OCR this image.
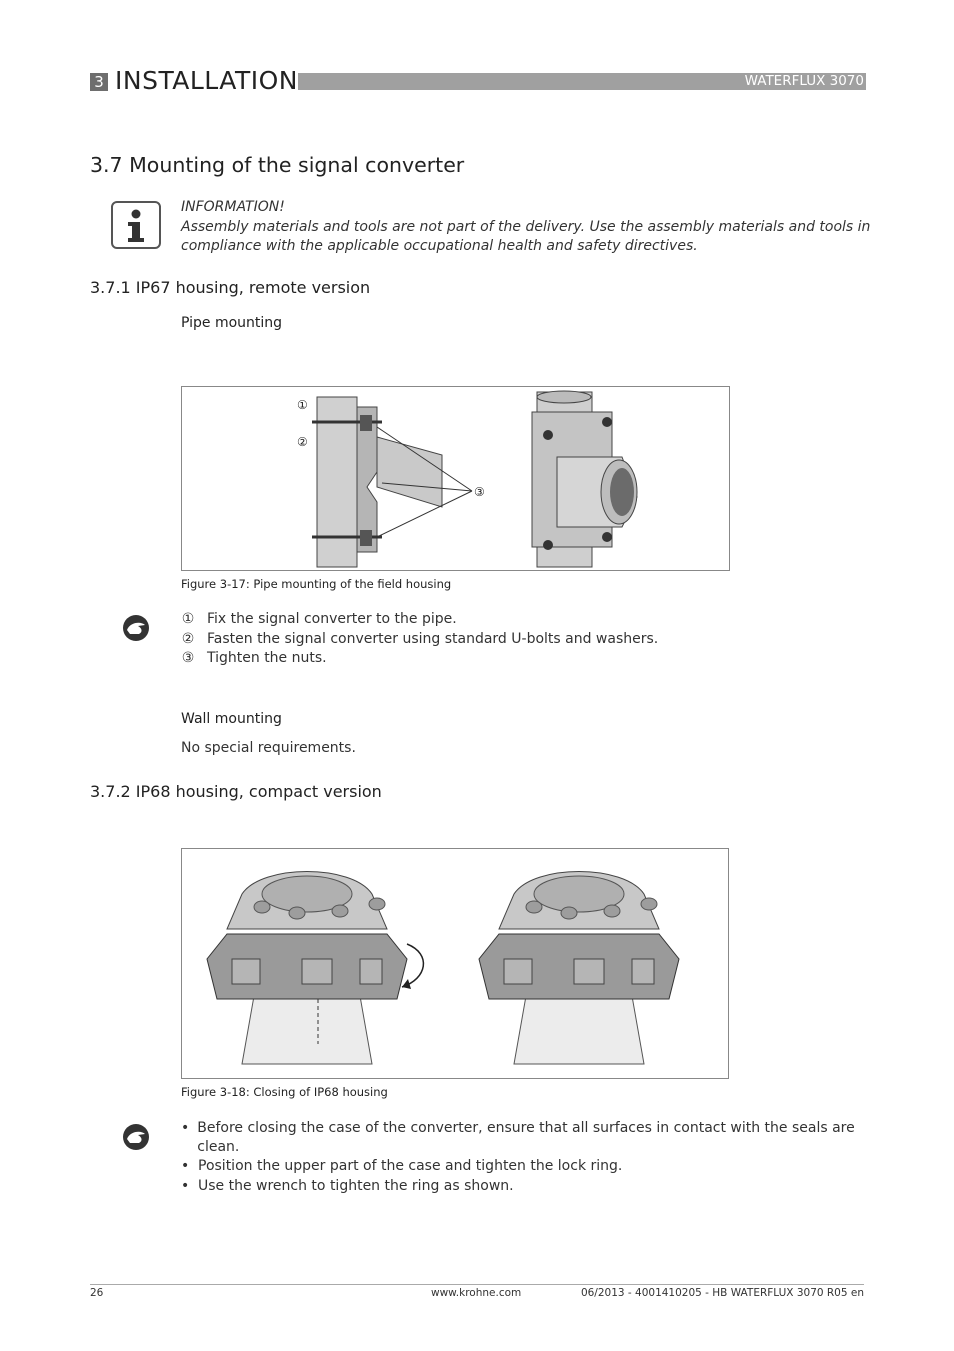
3 INSTALLATION	WATERFLUX 3070
3.7 Mounting of the signal converter
INFORMATION!
Assembly materials and tools are not part of the delivery. Use the assembly materials and tools in compliance with the applicable occupational health and safety directives.
3.7.1 IP67 housing, remote version
Pipe mounting
①
②
③
Figure 3-17: Pipe mounting of the field housing
① Fix the signal converter to the pipe.
② Fasten the signal converter using standard U-bolts and washers.
③ Tighten the nuts.
Wall mounting
No special requirements.
3.7.2 IP68 housing, compact version
Figure 3-18: Closing of IP68 housing
• Before closing the case of the converter, ensure that all surfaces in contact with the seals are clean.
• Position the upper part of the case and tighten the lock ring.
• Use the wrench to tighten the ring as shown.
26	www.krohne.com	06/2013 - 4001410205 - HB WATERFLUX 3070 R05 en
